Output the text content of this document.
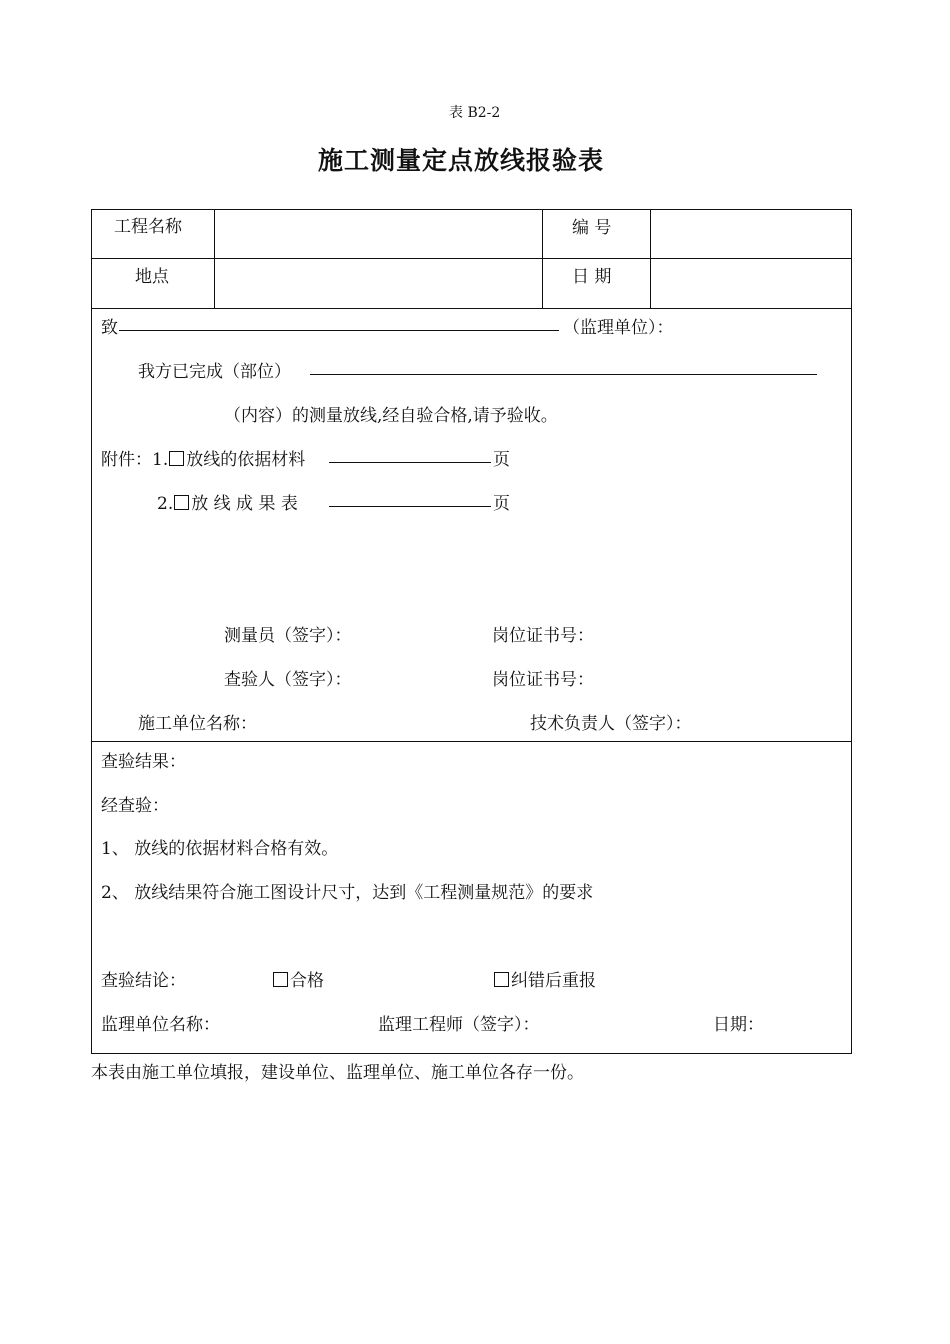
表 B2-2
施工测量定点放线报验表
工程名称	编 号
地点	日 期
致	（监理单位）：
我方已完成（部位）
（内容）的测量放线,经自验合格,请予验收。
附件：1. 放线的依据材料	页
2. 放 线 成 果 表	页
测量员（签字）：	岗位证书号：
查验人（签字）：	岗位证书号：
施工单位名称：	技术负责人（签字）：
查验结果：
经查验：
1、 放线的依据材料合格有效。
2、 放线结果符合施工图设计尺寸，达到《工程测量规范》的要求
查验结论：	合格	纠错后重报
监理单位名称：	监理工程师（签字）：	日期：
本表由施工单位填报，建设单位、监理单位、施工单位各存一份。
